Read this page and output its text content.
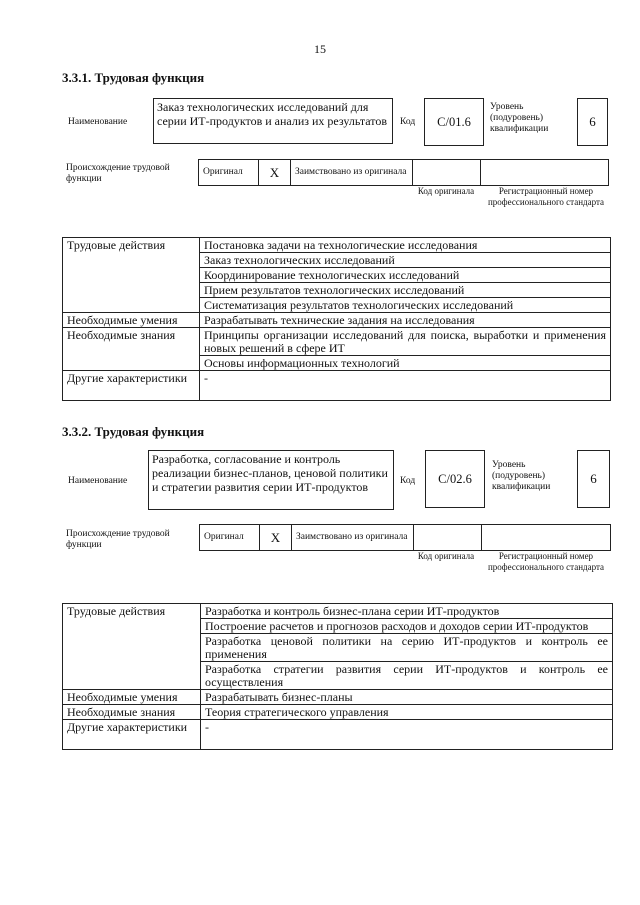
15
3.3.1. Трудовая функция
Наименование
Заказ технологических исследований для серии ИТ-продуктов и анализ их результатов	Код	С/01.6
Уровень (подуровень) квалификации	6
Происхождение трудовой функции
Оригинал	X	Заимствовано из оригинала		
Код оригинала	Регистрационный номер профессионального стандарта
Трудовые действия	Постановка задачи на технологические исследования
	Заказ технологических исследований
	Координирование технологических исследований
	Прием результатов технологических исследований
	Систематизация результатов технологических исследований
Необходимые умения	Разрабатывать технические задания на исследования
Необходимые знания	Принципы организации исследований для поиска, выработки и применения новых решений в сфере ИТ
	Основы информационных технологий
Другие характеристики	-
3.3.2. Трудовая функция
Наименование
Разработка, согласование и контроль реализации бизнес-планов, ценовой политики и стратегии развития серии ИТ-продуктов	Код	С/02.6
Уровень (подуровень) квалификации
6
Происхождение трудовой функции
Оригинал	X	Заимствовано из оригинала		
Код оригинала	Регистрационный номер профессионального стандарта
Трудовые действия	Разработка и контроль бизнес-плана серии ИТ-продуктов
	Построение расчетов и прогнозов расходов и доходов серии ИТ-продуктов
	Разработка ценовой политики на серию ИТ-продуктов и контроль ее применения
	Разработка стратегии развития серии ИТ-продуктов и контроль ее осуществления
Необходимые умения	Разрабатывать бизнес-планы
Необходимые знания	Теория стратегического управления
Другие характеристики	-
